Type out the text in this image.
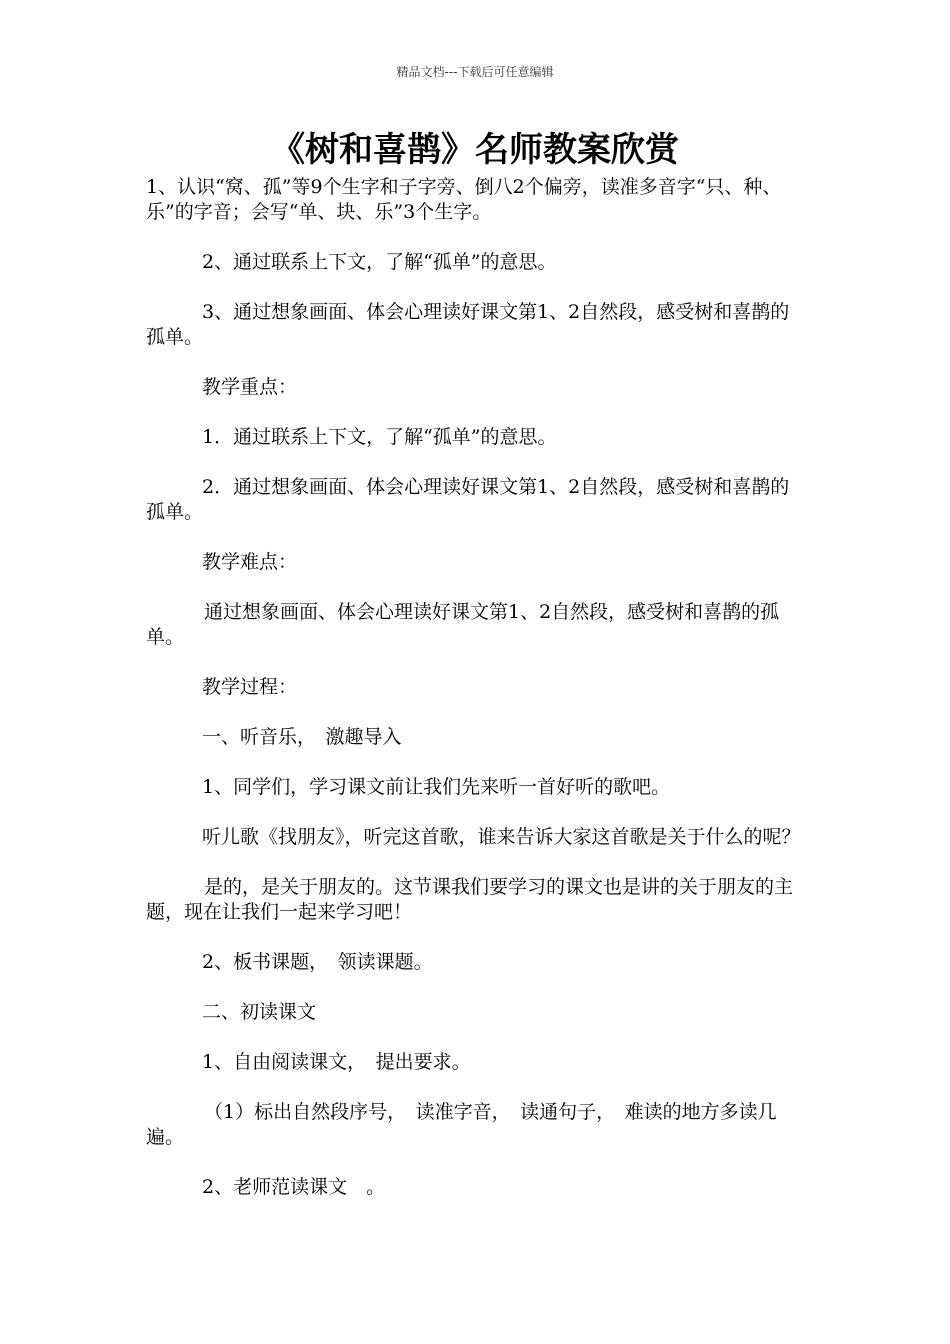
精品文档---下载后可任意编辑
《树和喜鹊》名师教案欣赏

1、认识“窝、孤”等9个生字和子字旁、倒八2个偏旁，读准多音字“只、种、乐”的字音；会写“单、块、乐”3个生字。

2、通过联系上下文，了解“孤单”的意思。

3、通过想象画面、体会心理读好课文第1、2自然段，感受树和喜鹊的孤单。

教学重点：

1．通过联系上下文，了解“孤单”的意思。

2．通过想象画面、体会心理读好课文第1、2自然段，感受树和喜鹊的孤单。

教学难点：

通过想象画面、体会心理读好课文第1、2自然段，感受树和喜鹊的孤单。

教学过程：

一、听音乐，　激趣导入

1、同学们，学习课文前让我们先来听一首好听的歌吧。

听儿歌《找朋友》，听完这首歌，谁来告诉大家这首歌是关于什么的呢？

是的，是关于朋友的。这节课我们要学习的课文也是讲的关于朋友的主题，现在让我们一起来学习吧！

2、板书课题，　领读课题。

二、初读课文

1、自由阅读课文，　提出要求。

（1）标出自然段序号，　读准字音，　读通句子，　难读的地方多读几遍。

2、老师范读课文　。
